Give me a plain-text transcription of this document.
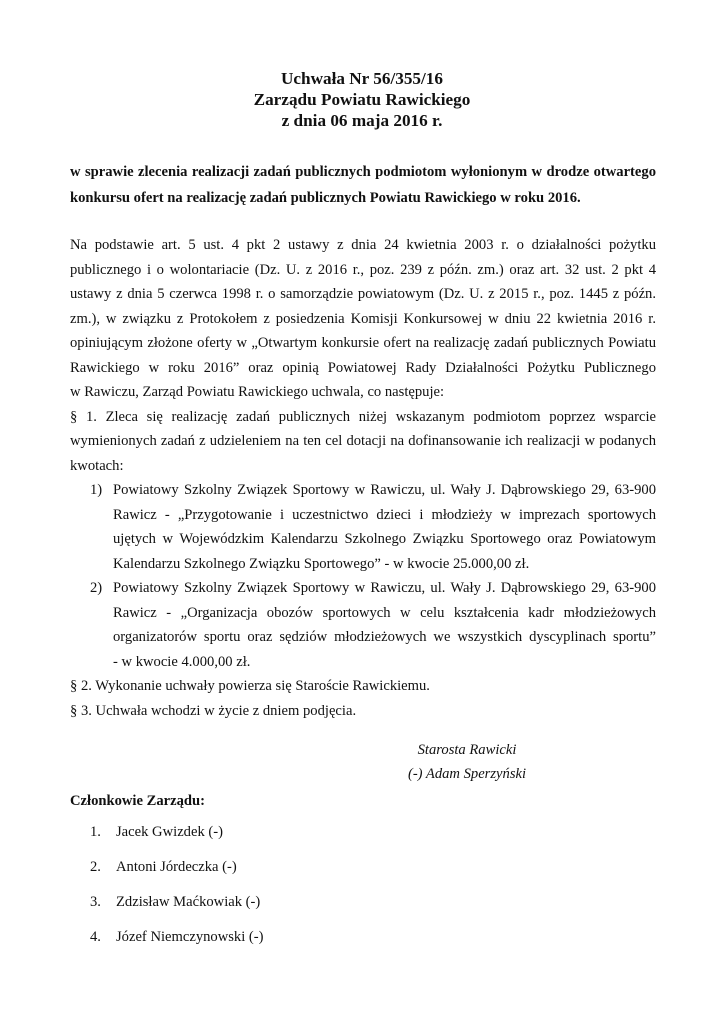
Uchwała Nr 56/355/16
Zarządu Powiatu Rawickiego
z dnia 06 maja 2016 r.
w sprawie zlecenia realizacji zadań publicznych podmiotom wyłonionym w drodze otwartego
konkursu ofert na realizację zadań publicznych Powiatu Rawickiego w roku 2016.
Na podstawie art. 5 ust. 4 pkt 2 ustawy z dnia 24 kwietnia 2003 r. o działalności pożytku
publicznego i o wolontariacie (Dz. U. z 2016 r., poz. 239 z późn. zm.) oraz art. 32 ust. 2 pkt 4
ustawy z dnia 5 czerwca 1998 r. o samorządzie powiatowym (Dz. U. z 2015 r., poz. 1445 z późn.
zm.), w związku z Protokołem z posiedzenia Komisji Konkursowej w dniu 22 kwietnia 2016 r.
opiniującym złożone oferty w „Otwartym konkursie ofert na realizację zadań publicznych Powiatu
Rawickiego w roku 2016” oraz opinią Powiatowej Rady Działalności Pożytku Publicznego
w Rawiczu, Zarząd Powiatu Rawickiego uchwala, co następuje:
§ 1. Zleca się realizację zadań publicznych niżej wskazanym podmiotom poprzez wsparcie
wymienionych zadań z udzieleniem na ten cel dotacji na dofinansowanie ich realizacji w podanych
kwotach:
1) Powiatowy Szkolny Związek Sportowy w Rawiczu, ul. Wały J. Dąbrowskiego 29, 63-900
Rawicz - „Przygotowanie i uczestnictwo dzieci i młodzieży w imprezach sportowych
ujętych w Wojewódzkim Kalendarzu Szkolnego Związku Sportowego oraz Powiatowym
Kalendarzu Szkolnego Związku Sportowego” - w kwocie 25.000,00 zł.
2) Powiatowy Szkolny Związek Sportowy w Rawiczu, ul. Wały J. Dąbrowskiego 29, 63-900
Rawicz - „Organizacja obozów sportowych w celu kształcenia kadr młodzieżowych
organizatorów sportu oraz sędziów młodzieżowych we wszystkich dyscyplinach sportu”
- w kwocie 4.000,00 zł.
§ 2. Wykonanie uchwały powierza się Staroście Rawickiemu.
§ 3. Uchwała wchodzi w życie z dniem podjęcia.
Starosta Rawicki
(-) Adam Sperzyński
Członkowie Zarządu:
1. Jacek Gwizdek (-)
2. Antoni Jórdeczka (-)
3. Zdzisław Maćkowiak (-)
4. Józef Niemczynowski (-)
